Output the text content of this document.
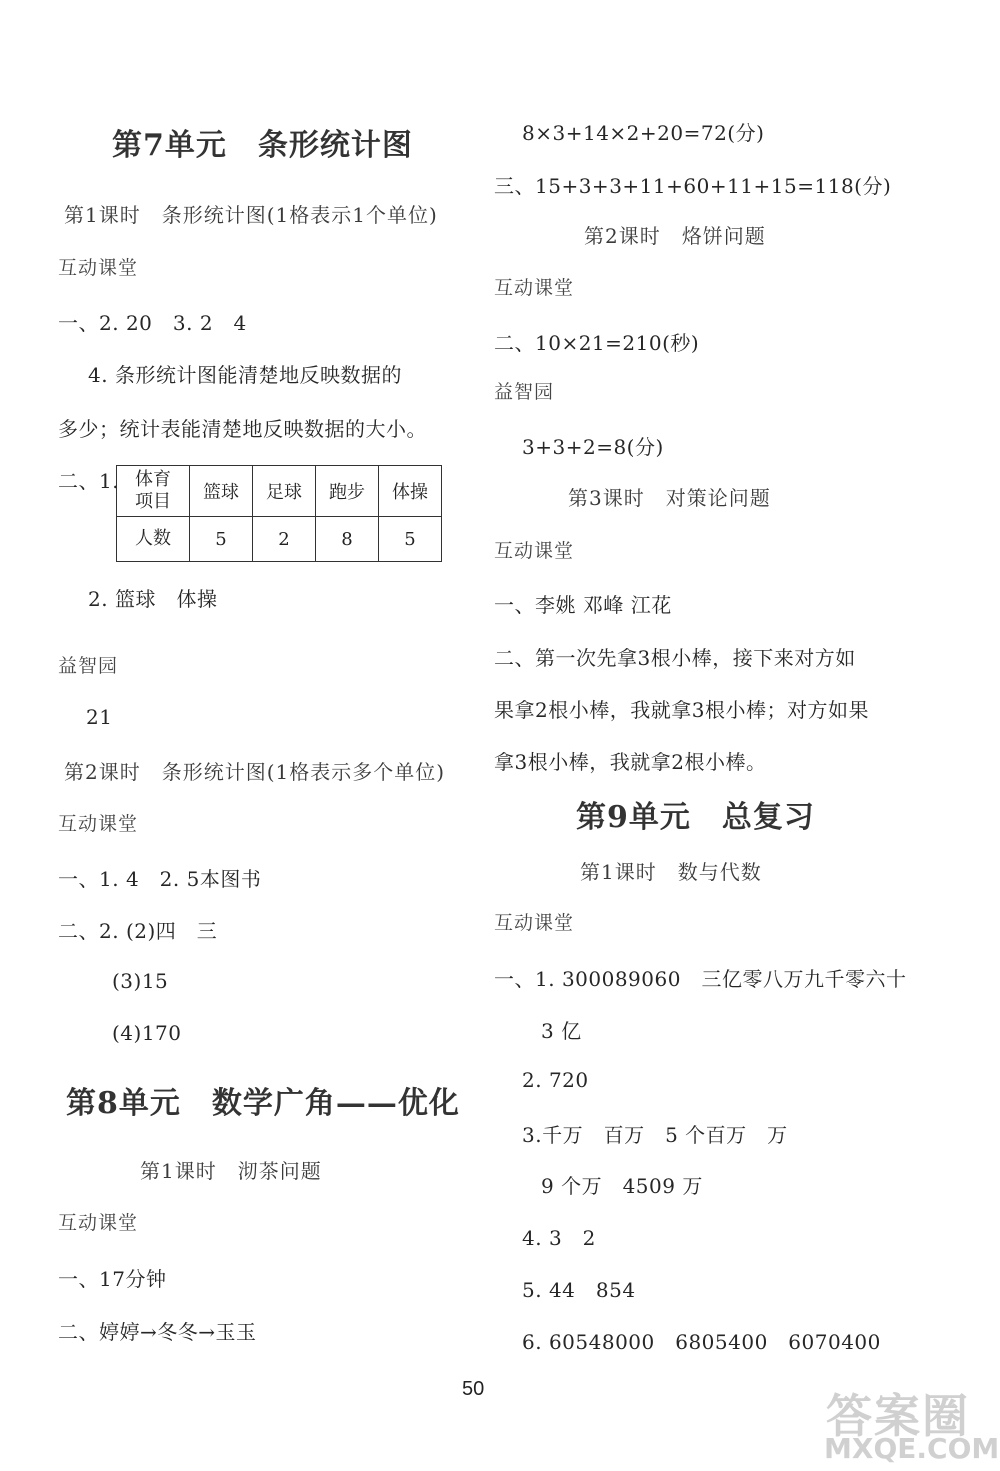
第7单元　条形统计图
第1课时　条形统计图(1格表示1个单位)
互动课堂
一、2. 20　3. 2　4
4. 条形统计图能清楚地反映数据的
多少；统计表能清楚地反映数据的大小。
二、1. 体育
项目	篮球	足球	跑步	体操
人数	5	2	8	5
2. 篮球　体操
益智园
21
第2课时　条形统计图(1格表示多个单位)
互动课堂
一、1. 4　2. 5本图书
二、2. (2)四　三
(3)15
(4)170
第8单元　数学广角——优化
第1课时　沏茶问题
互动课堂
一、17分钟
二、婷婷→冬冬→玉玉
8×3+14×2+20=72(分)
三、15+3+3+11+60+11+15=118(分)
第2课时　烙饼问题
互动课堂
二、10×21=210(秒)
益智园
3+3+2=8(分)
第3课时　对策论问题
互动课堂
一、李姚 邓峰 江花
二、第一次先拿3根小棒，接下来对方如
果拿2根小棒，我就拿3根小棒；对方如果
拿3根小棒，我就拿2根小棒。
第9单元　总复习
第1课时　数与代数
互动课堂
一、1. 300089060　三亿零八万九千零六十
3 亿
2. 720
3.千万　百万　5 个百万　万
9 个万　4509 万
4. 3　2
5. 44　854
6. 60548000　6805400　6070400
50	答案圈
MXQE.COM
